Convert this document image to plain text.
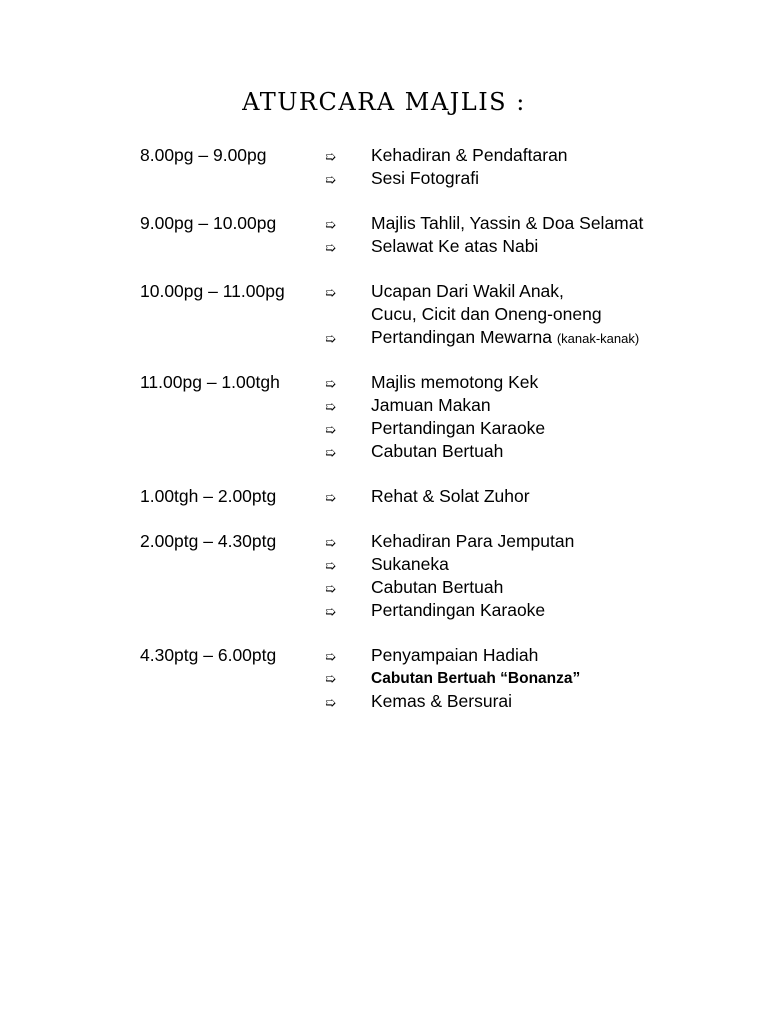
ATURCARA MAJLIS :
8.00pg – 9.00pg	➯	Kehadiran & Pendaftaran
➯	Sesi Fotografi
9.00pg – 10.00pg	➯	Majlis Tahlil, Yassin & Doa Selamat
➯	Selawat Ke atas Nabi
10.00pg – 11.00pg	➯	Ucapan Dari Wakil Anak,
Cucu, Cicit dan Oneng-oneng
➯	Pertandingan Mewarna (kanak-kanak)
11.00pg – 1.00tgh	➯	Majlis memotong Kek
➯	Jamuan Makan
➯	Pertandingan Karaoke
➯	Cabutan Bertuah
1.00tgh – 2.00ptg	➯	Rehat & Solat Zuhor
2.00ptg – 4.30ptg	➯	Kehadiran Para Jemputan
➯	Sukaneka
➯	Cabutan Bertuah
➯	Pertandingan Karaoke
4.30ptg – 6.00ptg	➯	Penyampaian Hadiah
➯	Cabutan Bertuah “Bonanza”
➯	Kemas & Bersurai
